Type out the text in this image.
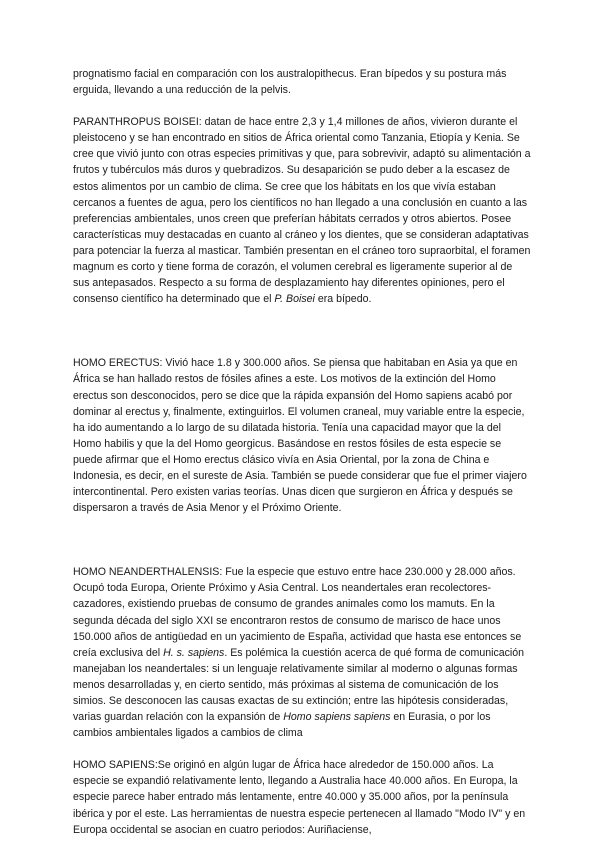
prognatismo facial en comparación con los australopithecus. Eran bípedos y su postura más erguida, llevando a una reducción de la pelvis.

PARANTHROPUS BOISEI: datan de hace entre 2,3 y 1,4 millones de años, vivieron durante el pleistoceno y se han encontrado en sitios de África oriental como Tanzania, Etiopía y Kenia. Se cree que vivió junto con otras especies primitivas y que, para sobrevivir, adaptó su alimentación a frutos y tubérculos más duros y quebradizos. Su desaparición se pudo deber a la escasez de estos alimentos por un cambio de clima. Se cree que los hábitats en los que vivía estaban cercanos a fuentes de agua, pero los científicos no han llegado a una conclusión en cuanto a las preferencias ambientales, unos creen que preferían hábitats cerrados y otros abiertos. Posee características muy destacadas en cuanto al cráneo y los dientes, que se consideran adaptativas para potenciar la fuerza al masticar. También presentan en el cráneo toro supraorbital, el foramen magnum es corto y tiene forma de corazón, el volumen cerebral es ligeramente superior al de sus antepasados. Respecto a su forma de desplazamiento hay diferentes opiniones, pero el consenso científico ha determinado que el P. Boisei era bípedo.

HOMO ERECTUS: Vivió hace 1.8 y 300.000 años. Se piensa que habitaban en Asia ya que en África se han hallado restos de fósiles afines a este. Los motivos de la extinción del Homo erectus son desconocidos, pero se dice que la rápida expansión del Homo sapiens acabó por dominar al erectus y, finalmente, extinguirlos. El volumen craneal, muy variable entre la especie, ha ido aumentando a lo largo de su dilatada historia. Tenía una capacidad mayor que la del Homo habilis y que la del Homo georgicus. Basándose en restos fósiles de esta especie se puede afirmar que el Homo erectus clásico vivía en Asia Oriental, por la zona de China e Indonesia, es decir, en el sureste de Asia. También se puede considerar que fue el primer viajero intercontinental. Pero existen varias teorías. Unas dicen que surgieron en África y después se dispersaron a través de Asia Menor y el Próximo Oriente.

HOMO NEANDERTHALENSIS: Fue la especie que estuvo entre hace 230.000 y 28.000 años. Ocupó toda Europa, Oriente Próximo y Asia Central. Los neandertales eran recolectores-cazadores, existiendo pruebas de consumo de grandes animales como los mamuts. En la segunda década del siglo XXI se encontraron restos de consumo de marisco de hace unos 150.000 años de antigüedad en un yacimiento de España, actividad que hasta ese entonces se creía exclusiva del H. s. sapiens. Es polémica la cuestión acerca de qué forma de comunicación manejaban los neandertales: si un lenguaje relativamente similar al moderno o algunas formas menos desarrolladas y, en cierto sentido, más próximas al sistema de comunicación de los simios. Se desconocen las causas exactas de su extinción; entre las hipótesis consideradas, varias guardan relación con la expansión de Homo sapiens sapiens en Eurasia, o por los cambios ambientales ligados a cambios de clima

HOMO SAPIENS:Se originó en algún lugar de África hace alrededor de 150.000 años. La especie se expandió relativamente lento, llegando a Australia hace 40.000 años. En Europa, la especie parece haber entrado más lentamente, entre 40.000 y 35.000 años, por la península ibérica y por el este. Las herramientas de nuestra especie pertenecen al llamado "Modo IV" y en Europa occidental se asocian en cuatro periodos: Auriñaciense,
